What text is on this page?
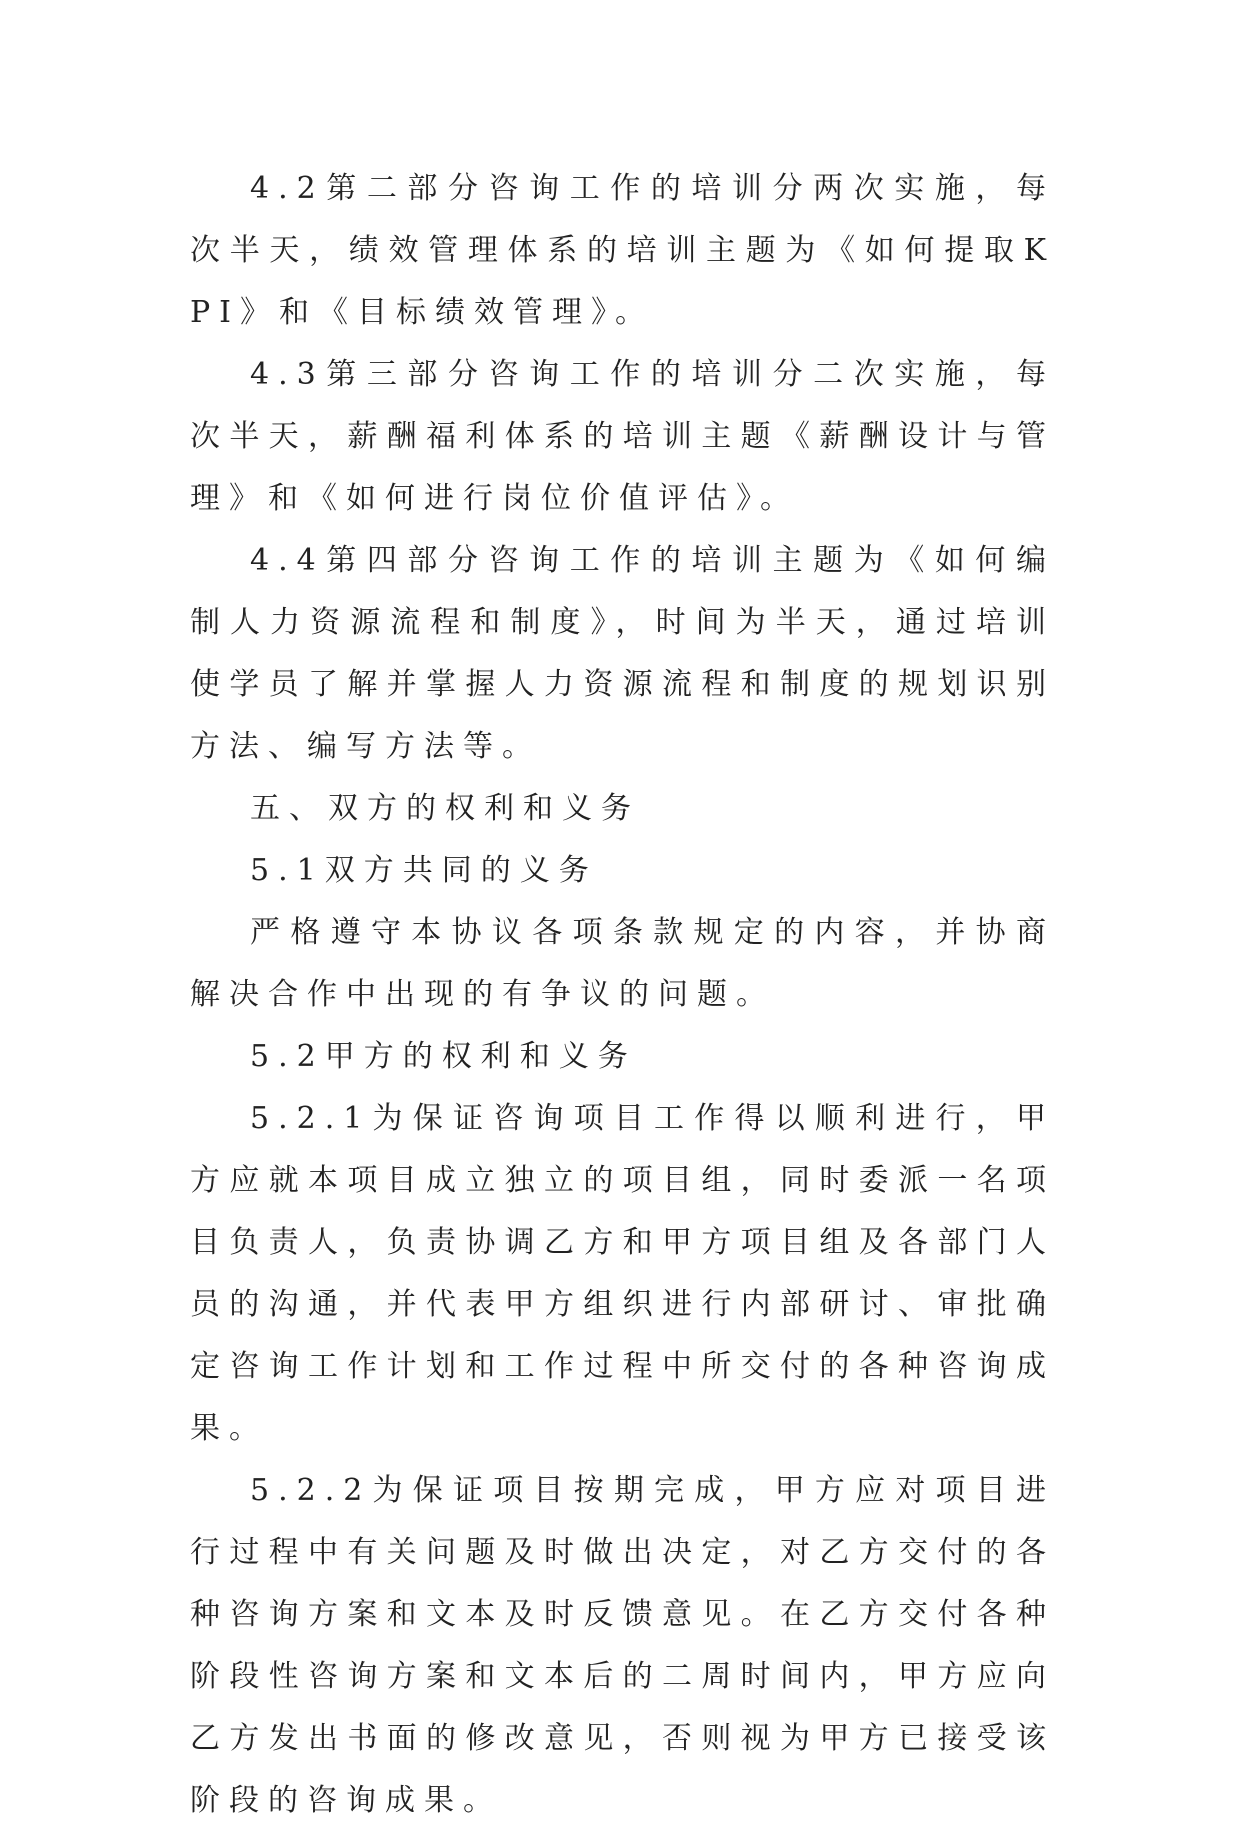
4.2第二部分咨询工作的培训分两次实施，每次半天，绩效管理体系的培训主题为《如何提取KPI》和《目标绩效管理》。

4.3第三部分咨询工作的培训分二次实施，每次半天，薪酬福利体系的培训主题《薪酬设计与管理》和《如何进行岗位价值评估》。

4.4第四部分咨询工作的培训主题为《如何编制人力资源流程和制度》，时间为半天，通过培训使学员了解并掌握人力资源流程和制度的规划识别方法、编写方法等。

五、双方的权利和义务

5.1双方共同的义务

严格遵守本协议各项条款规定的内容，并协商解决合作中出现的有争议的问题。

5.2甲方的权利和义务

5.2.1为保证咨询项目工作得以顺利进行，甲方应就本项目成立独立的项目组，同时委派一名项目负责人，负责协调乙方和甲方项目组及各部门人员的沟通，并代表甲方组织进行内部研讨、审批确定咨询工作计划和工作过程中所交付的各种咨询成果。

5.2.2为保证项目按期完成，甲方应对项目进行过程中有关问题及时做出决定，对乙方交付的各种咨询方案和文本及时反馈意见。在乙方交付各种阶段性咨询方案和文本后的二周时间内，甲方应向乙方发出书面的修改意见，否则视为甲方已接受该阶段的咨询成果。
